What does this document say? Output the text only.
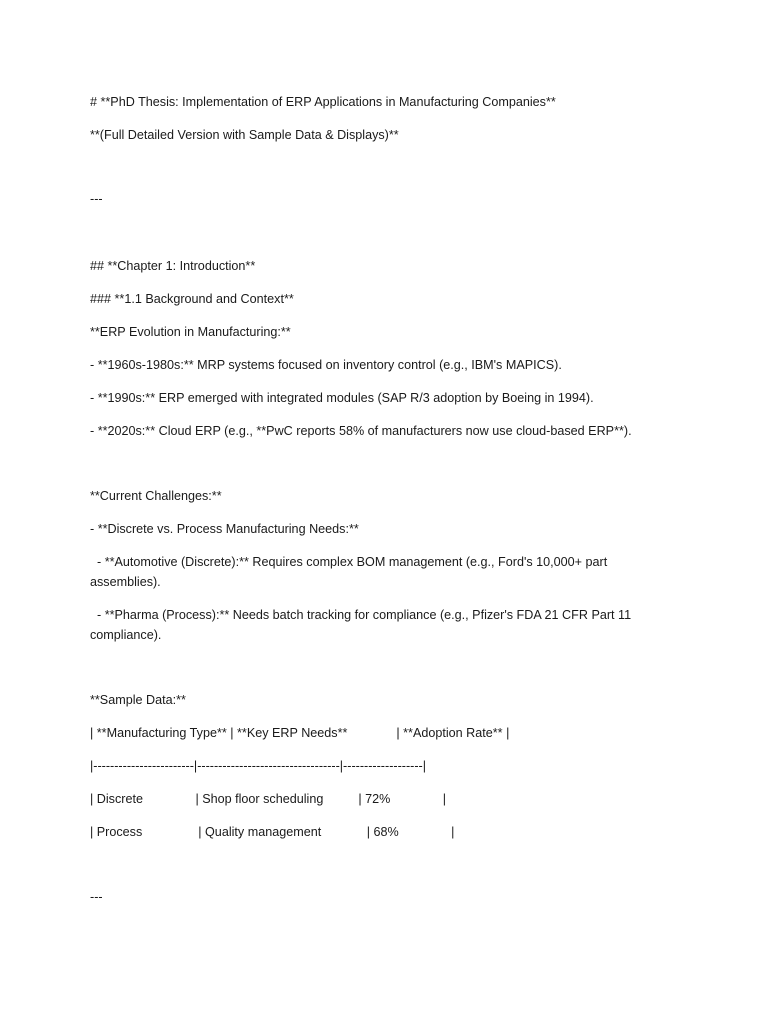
# **PhD Thesis: Implementation of ERP Applications in Manufacturing Companies**

**(Full Detailed Version with Sample Data & Displays)**

---

## **Chapter 1: Introduction**

### **1.1 Background and Context**

**ERP Evolution in Manufacturing:**

- **1960s-1980s:** MRP systems focused on inventory control (e.g., IBM's MAPICS).

- **1990s:** ERP emerged with integrated modules (SAP R/3 adoption by Boeing in 1994).

- **2020s:** Cloud ERP (e.g., **PwC reports 58% of manufacturers now use cloud-based ERP**).

**Current Challenges:**

- **Discrete vs. Process Manufacturing Needs:**

- **Automotive (Discrete):** Requires complex BOM management (e.g., Ford's 10,000+ part assemblies).

- **Pharma (Process):** Needs batch tracking for compliance (e.g., Pfizer's FDA 21 CFR Part 11 compliance).

**Sample Data:**

| **Manufacturing Type** | **Key ERP Needs**              | **Adoption Rate** |

|------------------------|----------------------------------|-------------------|

| Discrete               | Shop floor scheduling          | 72%               |

| Process                | Quality management             | 68%               |

---
